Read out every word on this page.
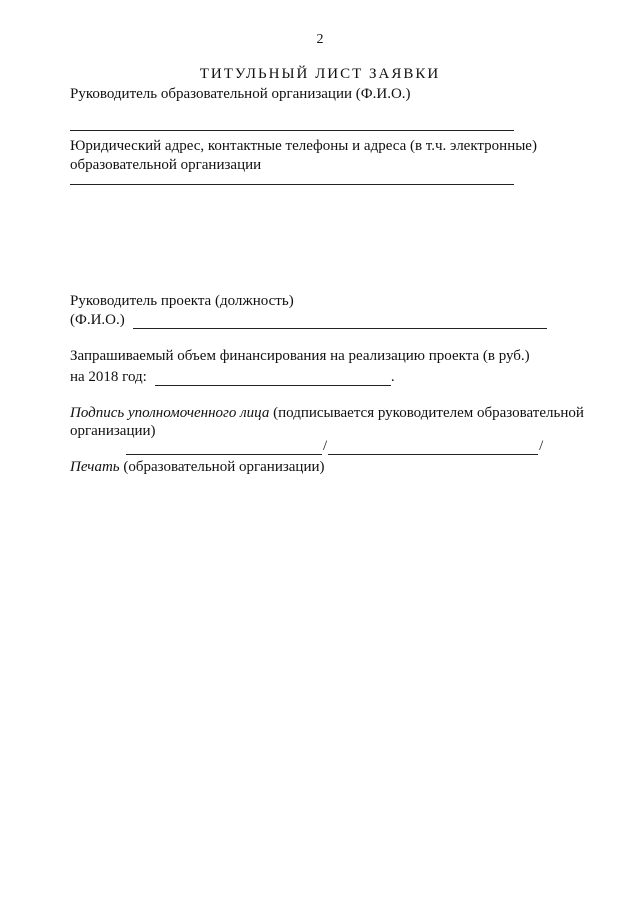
2
ТИТУЛЬНЫЙ ЛИСТ ЗАЯВКИ
Руководитель образовательной организации (Ф.И.О.)
Юридический адрес, контактные телефоны и адреса (в т.ч. электронные)
образовательной организации
Руководитель проекта (должность)
(Ф.И.О.)
Запрашиваемый объем финансирования на реализацию проекта (в руб.)
на 2018 год:	.
Подпись уполномоченного лица (подписывается руководителем образовательной
организации)
/	/
Печать (образовательной организации)
